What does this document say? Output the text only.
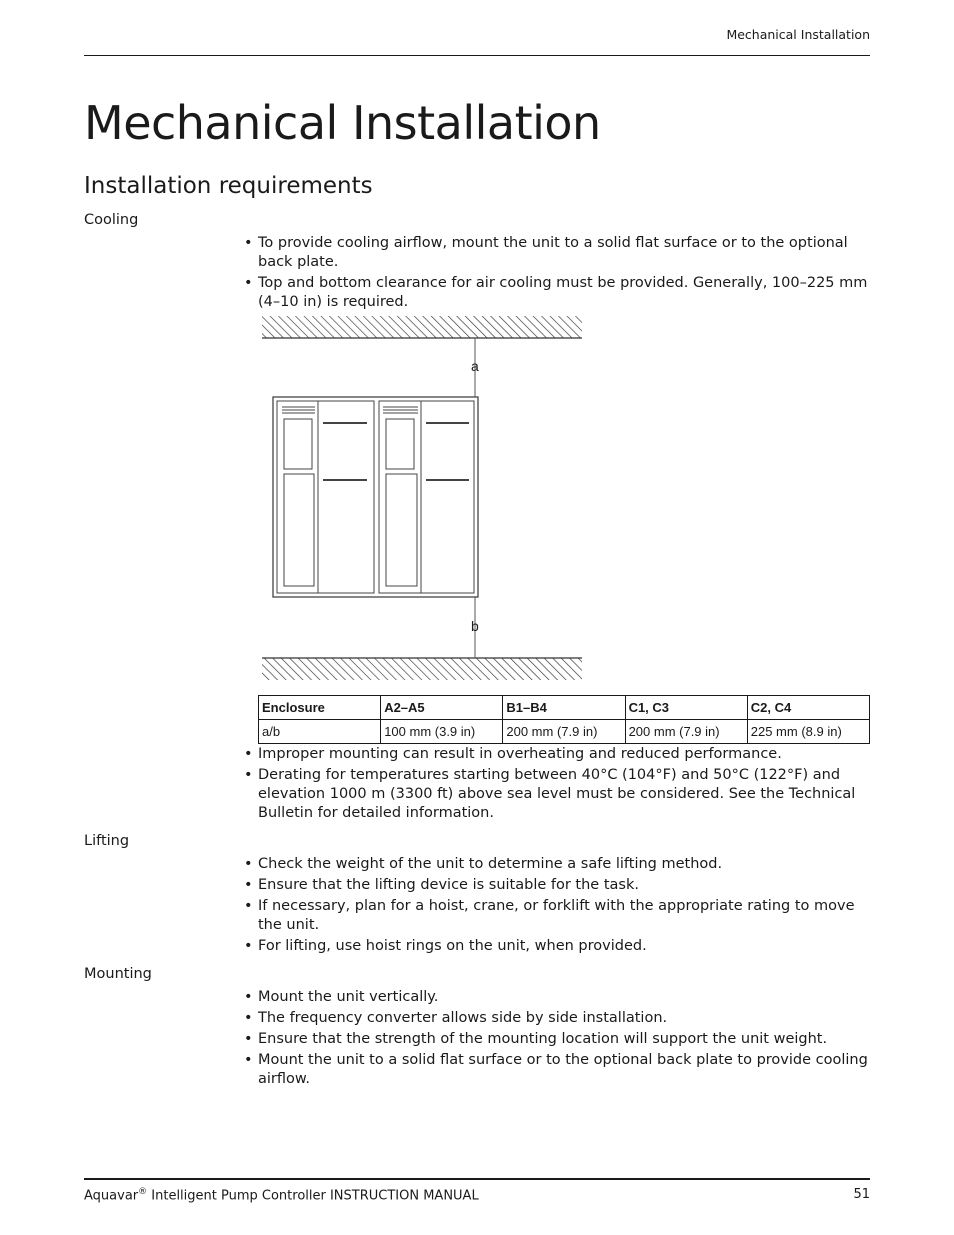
Mechanical Installation
Mechanical Installation
Installation requirements
Cooling
• To provide cooling airflow, mount the unit to a solid flat surface or to the optional back plate.
• Top and bottom clearance for air cooling must be provided. Generally, 100–225 mm (4–10 in) is required.
a
b
Enclosure	A2–A5	B1–B4	C1, C3	C2, C4
a/b	100 mm (3.9 in)	200 mm (7.9 in)	200 mm (7.9 in)	225 mm (8.9 in)
• Improper mounting can result in overheating and reduced performance.
• Derating for temperatures starting between 40°C (104°F) and 50°C (122°F) and elevation 1000 m (3300 ft) above sea level must be considered. See the Technical Bulletin for detailed information.
Lifting
• Check the weight of the unit to determine a safe lifting method.
• Ensure that the lifting device is suitable for the task.
• If necessary, plan for a hoist, crane, or forklift with the appropriate rating to move the unit.
• For lifting, use hoist rings on the unit, when provided.
Mounting
• Mount the unit vertically.
• The frequency converter allows side by side installation.
• Ensure that the strength of the mounting location will support the unit weight.
• Mount the unit to a solid flat surface or to the optional back plate to provide cooling airflow.
Aquavar® Intelligent Pump Controller INSTRUCTION MANUAL	51
